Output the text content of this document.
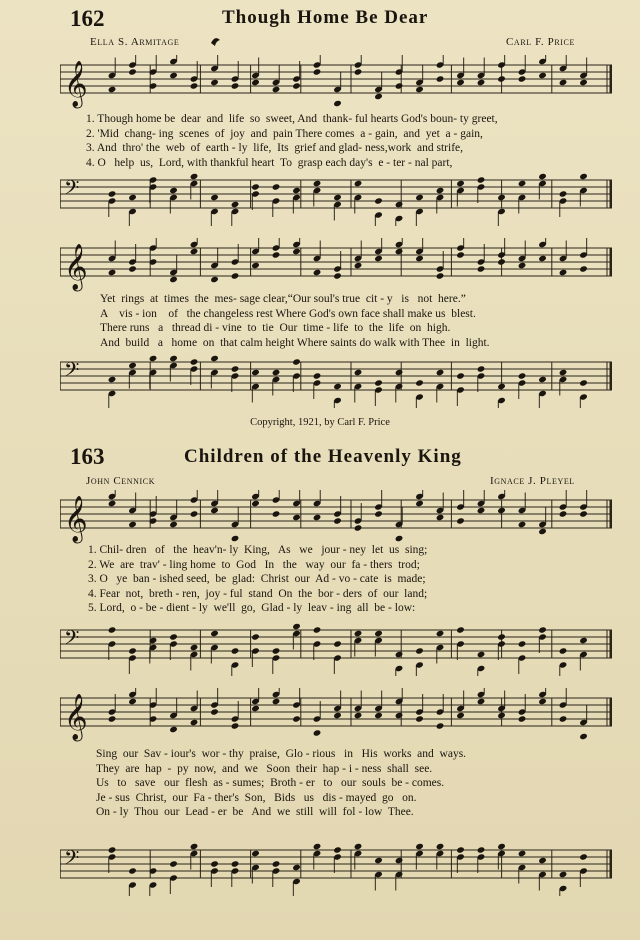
162	Though Home Be Dear
Ella S. Armitage	Carl F. Price
𝄞
1. Though home be  dear  and  life  so  sweet, And  thank- ful hearts God's boun- ty greet,
2. 'Mid  chang- ing  scenes  of  joy  and  pain There comes  a - gain,  and  yet  a - gain,
3. And  thro' the  web  of  earth - ly  life,  Its  grief and glad- ness,work  and strife,
4. O   help  us,  Lord, with thankful heart  To  grasp each day's  e - ter - nal part,
𝄢
𝄞
Yet  rings  at  times  the  mes- sage clear,“Our soul's true  cit - y   is   not  here.”
A    vis - ion    of   the changeless rest Where God's own face shall make us  blest.
There runs   a   thread di - vine  to  tie  Our  time - life  to  the  life  on  high.
And  build   a   home  on  that calm height Where saints do walk with Thee  in  light.
𝄢
Copyright, 1921, by Carl F. Price
163	Children of the Heavenly King
John Cennick	Ignace J. Pleyel
𝄞
1. Chil- dren   of   the  heav'n- ly  King,   As   we   jour - ney  let  us  sing;
2. We  are  trav' - ling home  to  God   In   the   way  our  fa - thers  trod;
3. O   ye  ban - ished seed,  be  glad:  Christ  our  Ad - vo - cate  is  made;
4. Fear  not,  breth - ren,  joy - ful  stand  On  the  bor - ders  of  our  land;
5. Lord,  o - be - dient - ly  we'll  go,  Glad - ly  leav - ing  all  be - low:
𝄢
𝄞
Sing  our  Sav - iour's  wor - thy  praise,  Glo - rious   in   His  works  and  ways.
They  are  hap  -  py  now,  and  we   Soon  their  hap - i - ness  shall  see.
Us   to   save   our  flesh  as - sumes;  Broth - er   to   our  souls  be - comes.
Je - sus  Christ,  our  Fa - ther's  Son,   Bids   us   dis - mayed  go   on.
On - ly  Thou  our  Lead - er  be   And  we  still  will  fol - low  Thee.
𝄢
